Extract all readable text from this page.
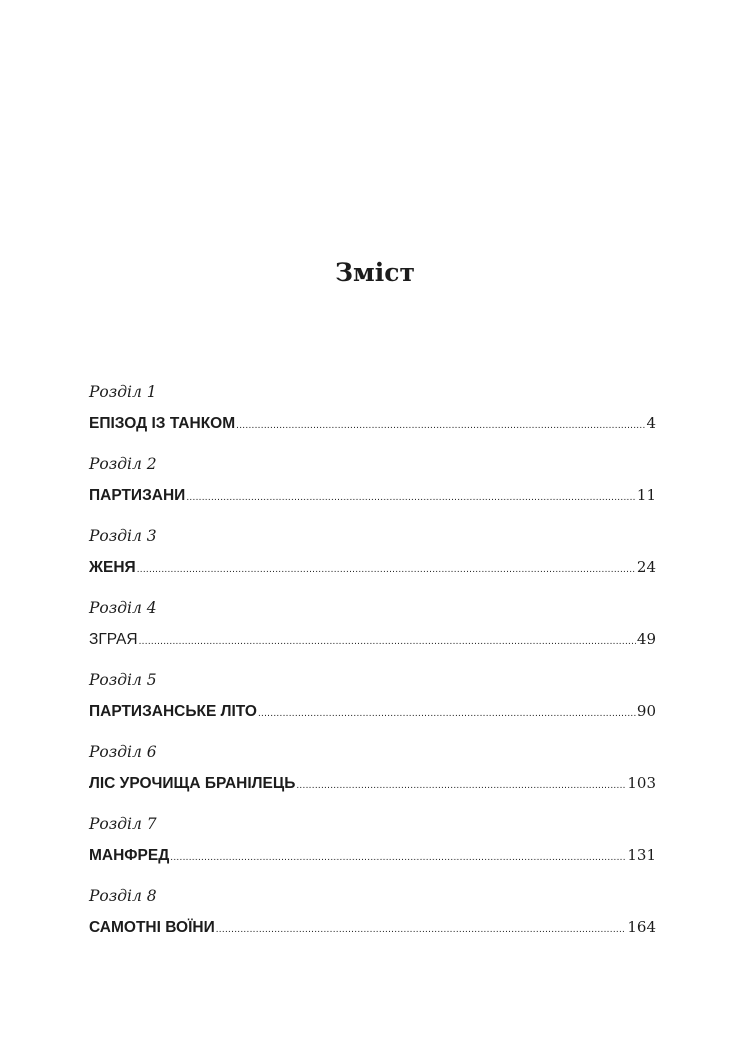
Зміст
Розділ 1
ЕПІЗОД ІЗ ТАНКОМ .....	4
Розділ 2
ПАРТИЗАНИ .....	11
Розділ 3
ЖЕНЯ .....	24
Розділ 4
ЗГРАЯ .....	49
Розділ 5
ПАРТИЗАНСЬКЕ ЛІТО .....	90
Розділ 6
ЛІС УРОЧИЩА БРАНІЛЕЦЬ .....	103
Розділ 7
МАНФРЕД .....	131
Розділ 8
САМОТНІ ВОЇНИ .....	164
